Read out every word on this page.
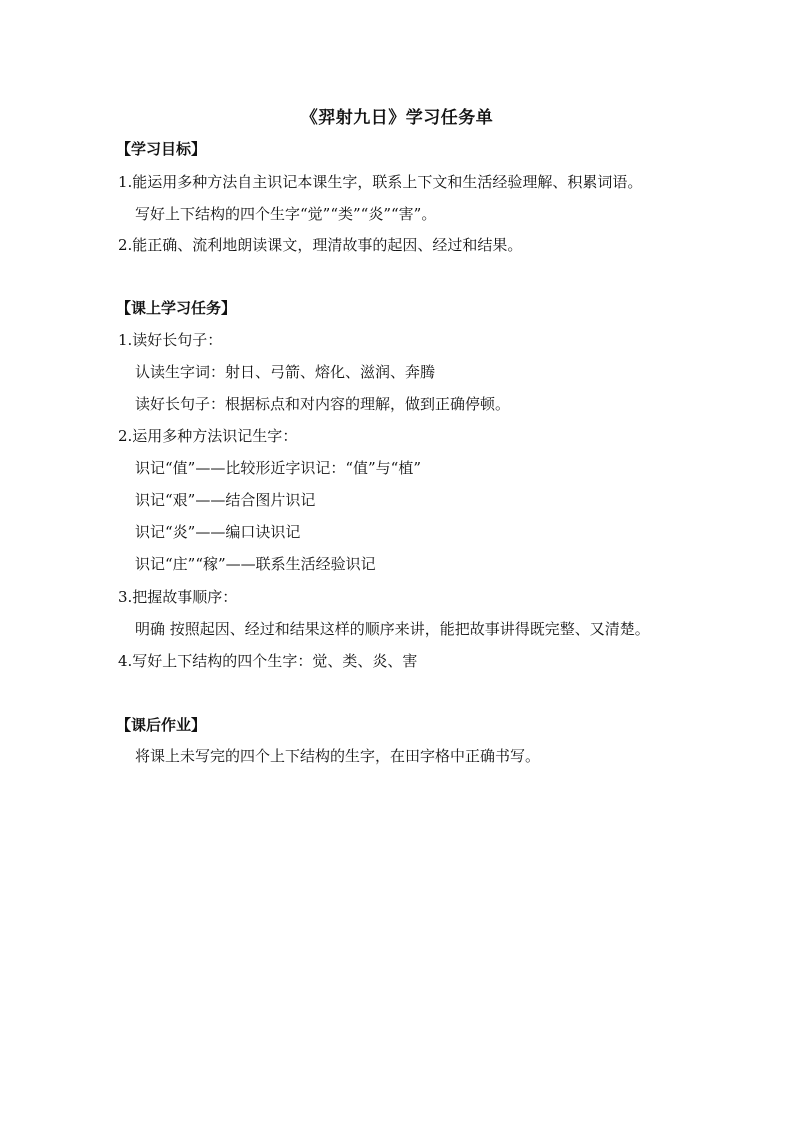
《羿射九日》学习任务单
【学习目标】
1.能运用多种方法自主识记本课生字，联系上下文和生活经验理解、积累词语。
写好上下结构的四个生字“觉”“类”“炎”“害”。
2.能正确、流利地朗读课文，理清故事的起因、经过和结果。
【课上学习任务】
1.读好长句子：
认读生字词：射日、弓箭、熔化、滋润、奔腾
读好长句子：根据标点和对内容的理解，做到正确停顿。
2.运用多种方法识记生字：
识记“值”——比较形近字识记：“值”与“植”
识记“艰”——结合图片识记
识记“炎”——编口诀识记
识记“庄”“稼”——联系生活经验识记
3.把握故事顺序：
明确 按照起因、经过和结果这样的顺序来讲，能把故事讲得既完整、又清楚。
4.写好上下结构的四个生字：觉、类、炎、害
【课后作业】
将课上未写完的四个上下结构的生字，在田字格中正确书写。
